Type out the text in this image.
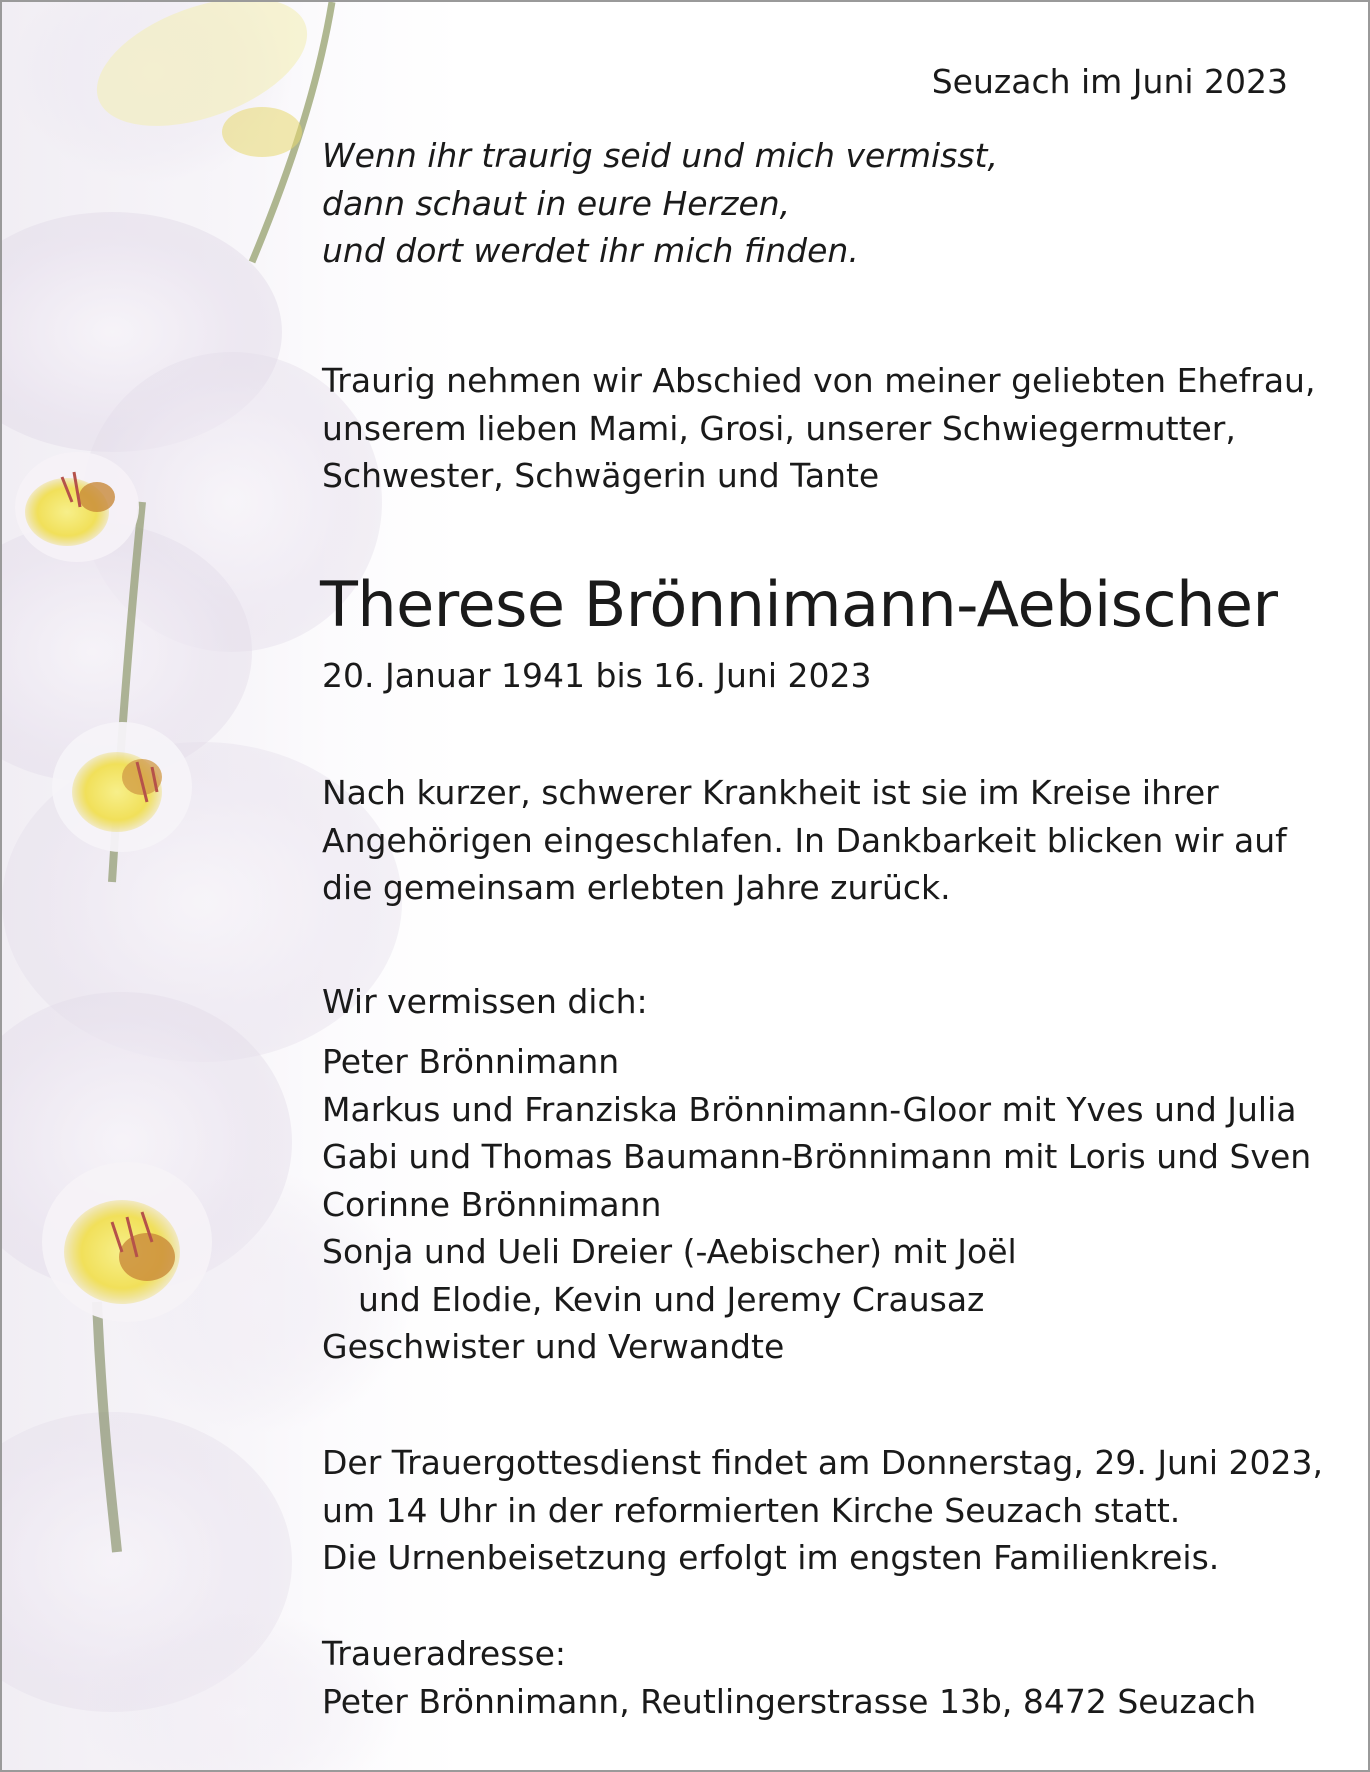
Seuzach im Juni 2023
Wenn ihr traurig seid und mich vermisst,
dann schaut in eure Herzen,
und dort werdet ihr mich finden.
Traurig nehmen wir Abschied von meiner geliebten Ehefrau,
unserem lieben Mami, Grosi, unserer Schwiegermutter,
Schwester, Schwägerin und Tante
Therese Brönnimann-Aebischer
20. Januar 1941 bis 16. Juni 2023
Nach kurzer, schwerer Krankheit ist sie im Kreise ihrer
Angehörigen eingeschlafen. In Dankbarkeit blicken wir auf
die gemeinsam erlebten Jahre zurück.
Wir vermissen dich:
Peter Brönnimann
Markus und Franziska Brönnimann-Gloor mit Yves und Julia
Gabi und Thomas Baumann-Brönnimann mit Loris und Sven
Corinne Brönnimann
Sonja und Ueli Dreier (-Aebischer) mit Joël
und Elodie, Kevin und Jeremy Crausaz
Geschwister und Verwandte
Der Trauergottesdienst findet am Donnerstag, 29. Juni 2023,
um 14 Uhr in der reformierten Kirche Seuzach statt.
Die Urnenbeisetzung erfolgt im engsten Familienkreis.
Traueradresse:
Peter Brönnimann, Reutlingerstrasse 13b, 8472 Seuzach
